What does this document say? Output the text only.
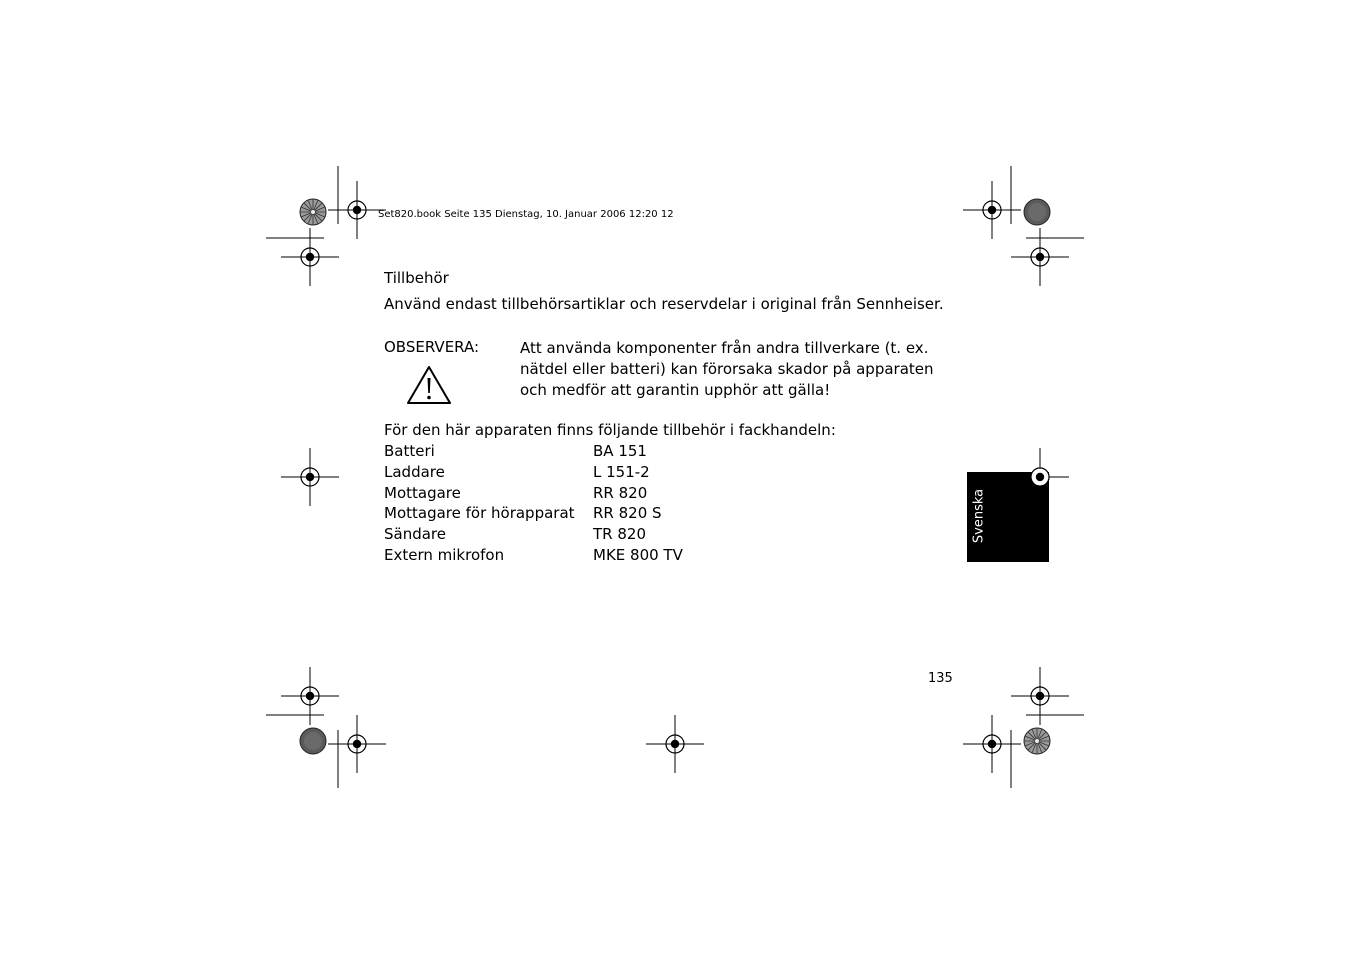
Set820.book Seite 135 Dienstag, 10. Januar 2006 12:20 12
Tillbehör
Använd endast tillbehörsartiklar och reservdelar i original från Sennheiser.
OBSERVERA:	Att använda komponenter från andra tillverkare (t. ex. nätdel eller batteri) kan förorsaka skador på apparaten och medför att garantin upphör att gälla!
För den här apparaten finns följande tillbehör i fackhandeln:
Batteri	BA 151
Laddare	L 151-2
Mottagare	RR 820
Mottagare för hörapparat	RR 820 S
Sändare	TR 820
Extern mikrofon	MKE 800 TV
Svenska
135
